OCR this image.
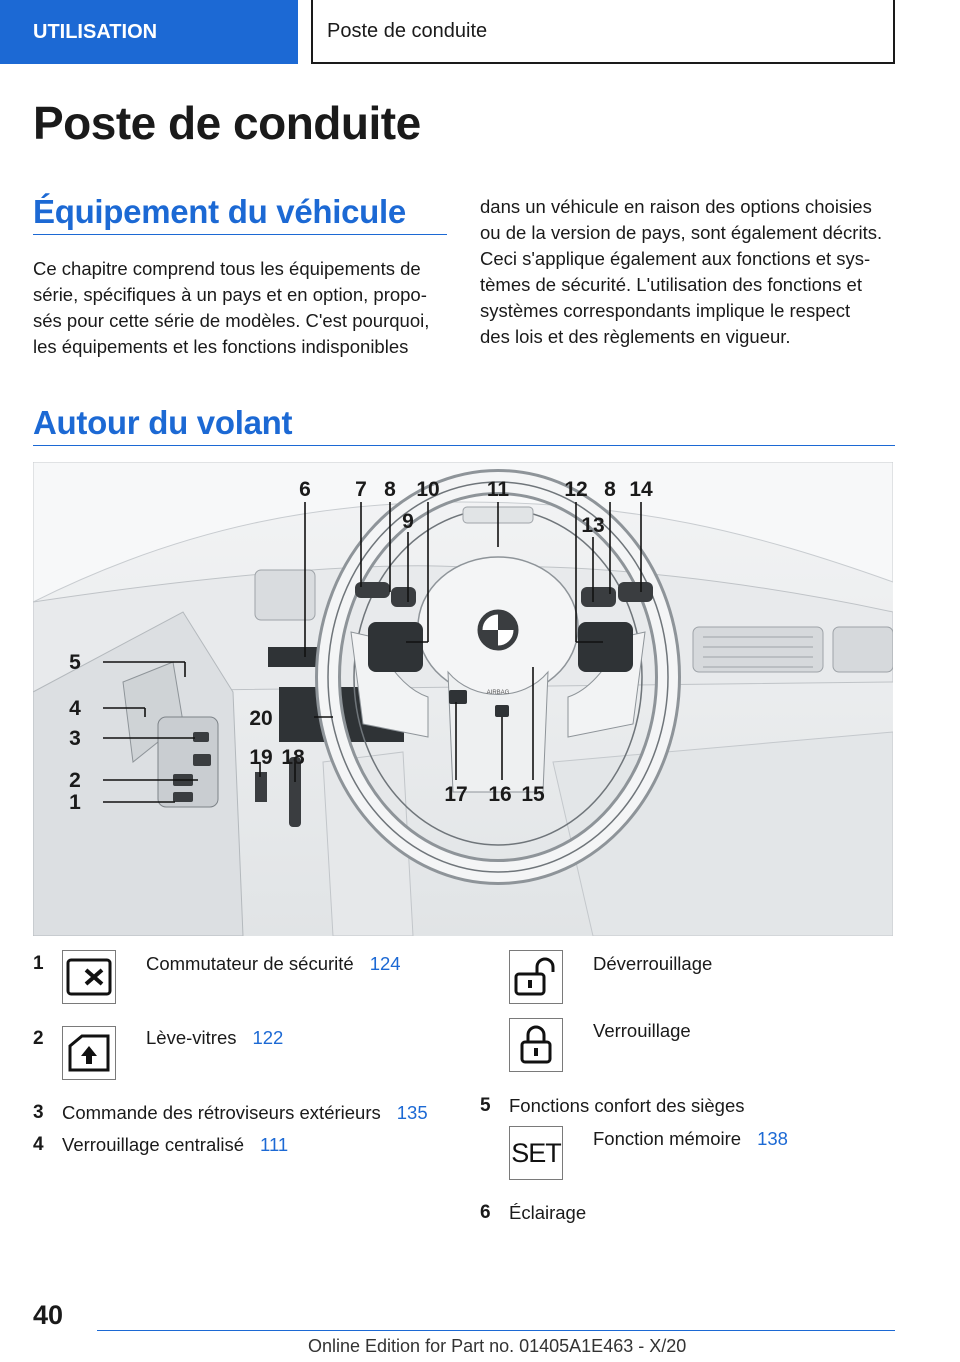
UTILISATION	Poste de conduite
Poste de conduite
Équipement du véhicule
Ce chapitre comprend tous les équipements de
série, spécifiques à un pays et en option, propo-
sés pour cette série de modèles. C'est pourquoi,
les équipements et les fonctions indisponibles
dans un véhicule en raison des options choisies
ou de la version de pays, sont également décrits.
Ceci s'applique également aux fonctions et sys-
tèmes de sécurité. L'utilisation des fonctions et
systèmes correspondants implique le respect
des lois et des règlements en vigueur.
Autour du volant
AIRBAG
6 7 8 10
9
11	12 8 14
13
5
4
3
2
1
20
19 18
17 16 15
1	Commutateur de sécurité 124
2	Lève-vitres 122
3 Commande des rétroviseurs extérieurs 135
4 Verrouillage centralisé 111
Déverrouillage
Verrouillage
5 Fonctions confort des sièges
SET Fonction mémoire 138
6 Éclairage
40
Online Edition for Part no. 01405A1E463 - X/20
